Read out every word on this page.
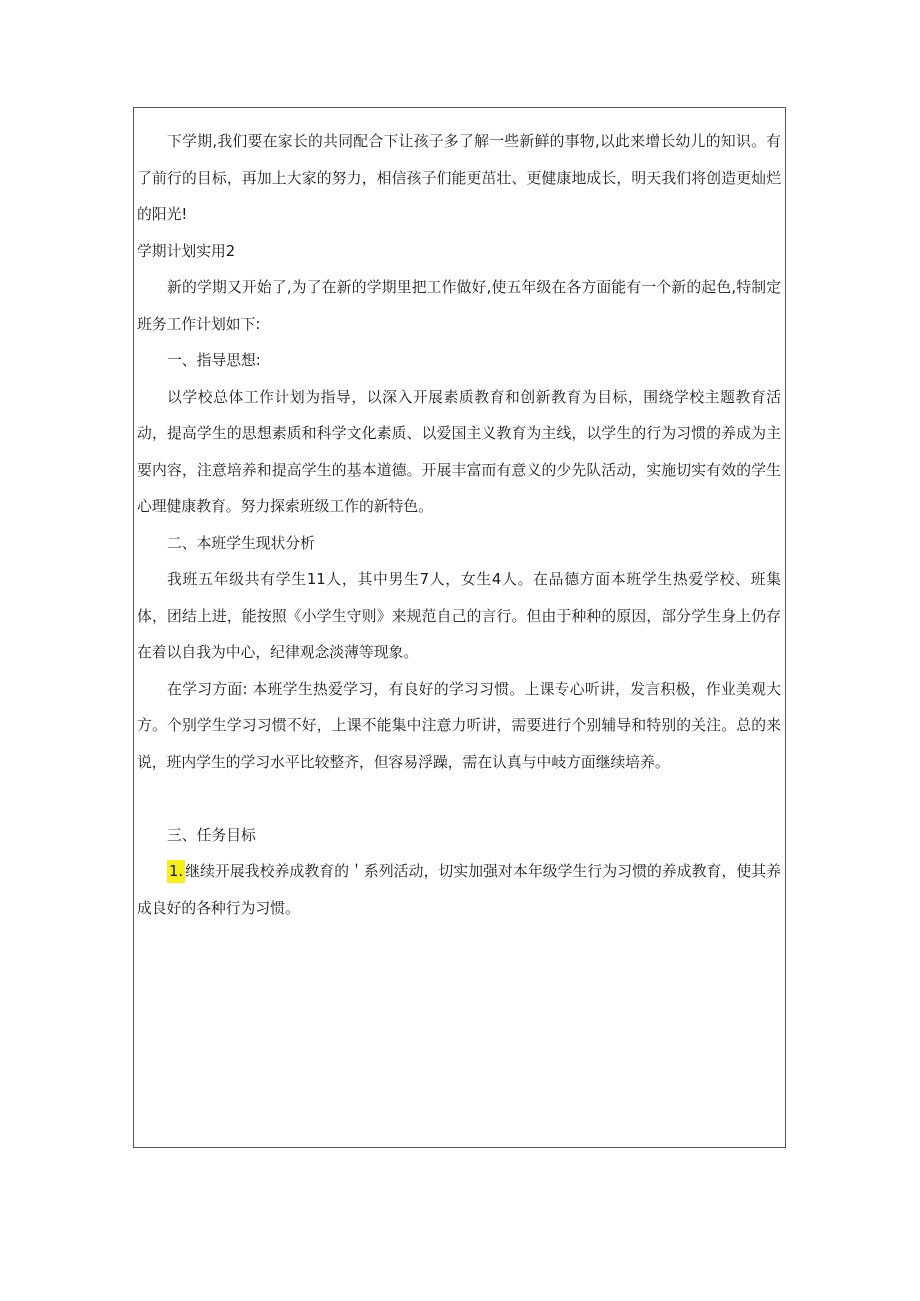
下学期,我们要在家长的共同配合下让孩子多了解一些新鲜的事物,以此来增长幼儿的知识。有了前行的目标，再加上大家的努力，相信孩子们能更茁壮、更健康地成长，明天我们将创造更灿烂的阳光!

学期计划实用2

新的学期又开始了,为了在新的学期里把工作做好,使五年级在各方面能有一个新的起色,特制定班务工作计划如下:

一、指导思想:

以学校总体工作计划为指导，以深入开展素质教育和创新教育为目标，围绕学校主题教育活动，提高学生的思想素质和科学文化素质、以爱国主义教育为主线，以学生的行为习惯的养成为主要内容，注意培养和提高学生的基本道德。开展丰富而有意义的少先队活动，实施切实有效的学生心理健康教育。努力探索班级工作的新特色。

二、本班学生现状分析

我班五年级共有学生11人，其中男生7人，女生4人。在品德方面本班学生热爱学校、班集体，团结上进，能按照《小学生守则》来规范自己的言行。但由于种种的原因，部分学生身上仍存在着以自我为中心，纪律观念淡薄等现象。

在学习方面: 本班学生热爱学习，有良好的学习习惯。上课专心听讲，发言积极，作业美观大方。个别学生学习习惯不好，上课不能集中注意力听讲，需要进行个别辅导和特别的关注。总的来说，班内学生的学习水平比较整齐，但容易浮躁，需在认真与中岐方面继续培养。

三、任务目标

1. 继续开展我校养成教育的＇系列活动，切实加强对本年级学生行为习惯的养成教育，使其养成良好的各种行为习惯。
